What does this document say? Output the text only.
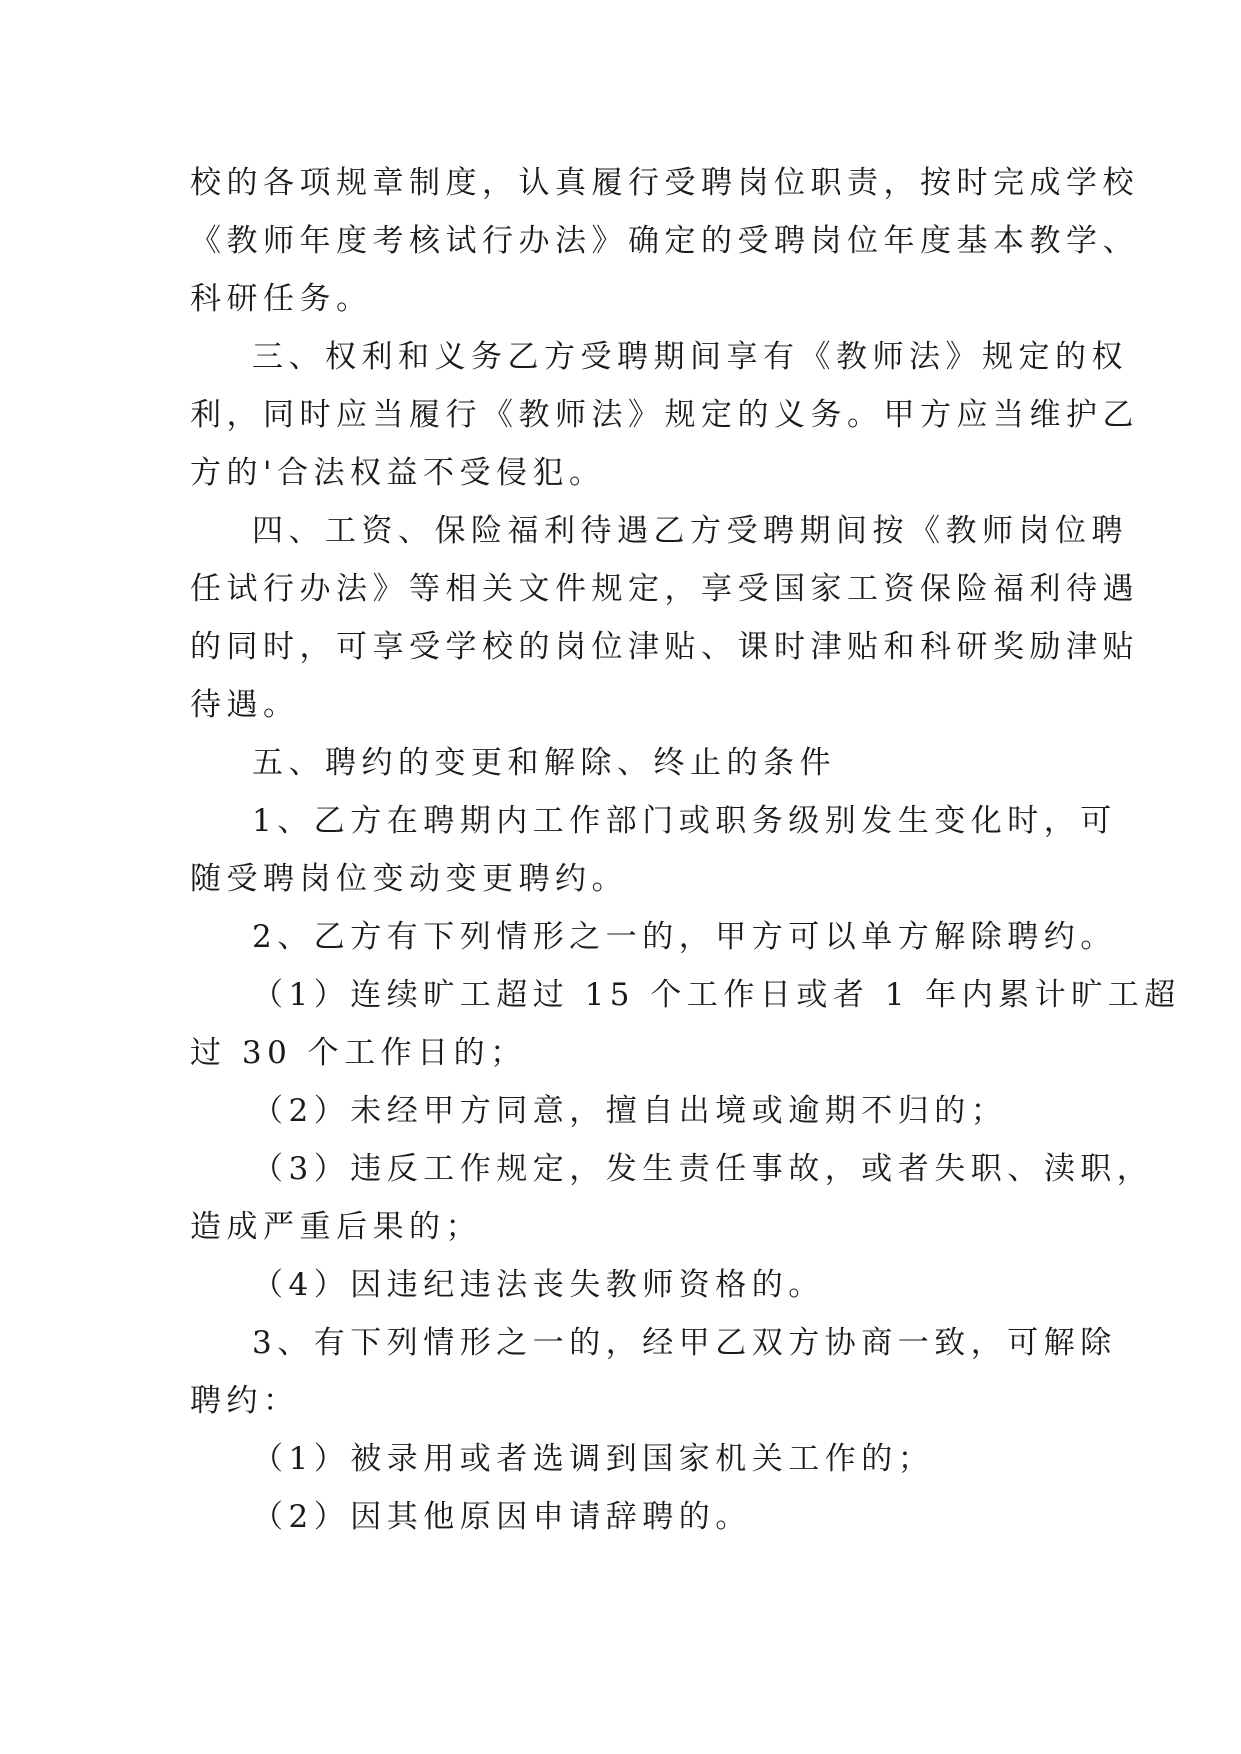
校的各项规章制度，认真履行受聘岗位职责，按时完成学校
《教师年度考核试行办法》确定的受聘岗位年度基本教学、
科研任务。
三、权利和义务乙方受聘期间享有《教师法》规定的权
利，同时应当履行《教师法》规定的义务。甲方应当维护乙
方的'合法权益不受侵犯。
四、工资、保险福利待遇乙方受聘期间按《教师岗位聘
任试行办法》等相关文件规定，享受国家工资保险福利待遇
的同时，可享受学校的岗位津贴、课时津贴和科研奖励津贴
待遇。
五、聘约的变更和解除、终止的条件
1、乙方在聘期内工作部门或职务级别发生变化时，可
随受聘岗位变动变更聘约。
2、乙方有下列情形之一的，甲方可以单方解除聘约。
（1）连续旷工超过 15 个工作日或者 1 年内累计旷工超
过 30 个工作日的；
（2）未经甲方同意，擅自出境或逾期不归的；
（3）违反工作规定，发生责任事故，或者失职、渎职，
造成严重后果的；
（4）因违纪违法丧失教师资格的。
3、有下列情形之一的，经甲乙双方协商一致，可解除
聘约：
（1）被录用或者选调到国家机关工作的；
（2）因其他原因申请辞聘的。
